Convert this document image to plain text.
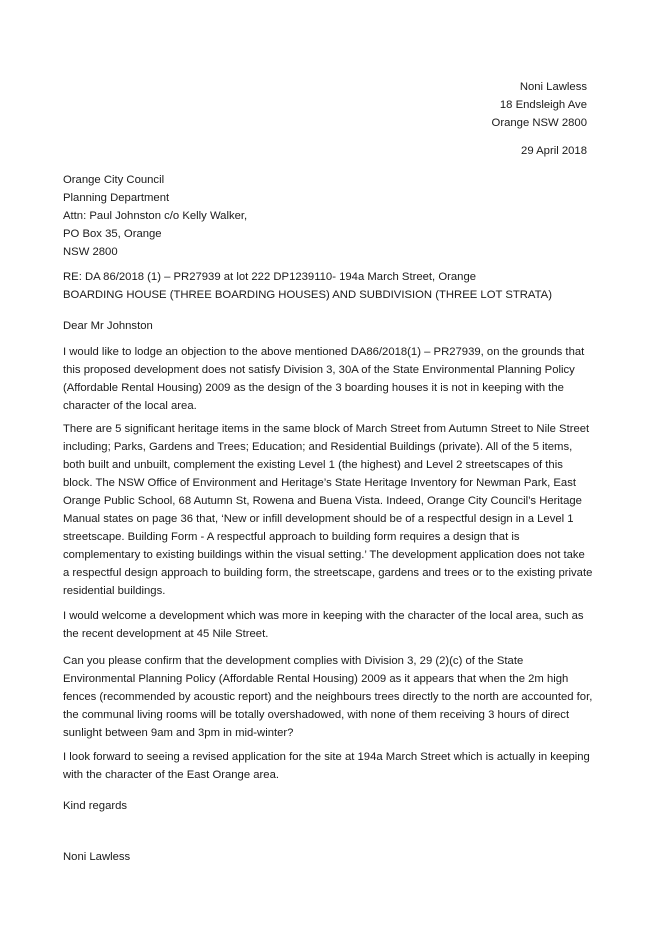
Noni Lawless
18 Endsleigh Ave
Orange NSW 2800
29 April 2018
Orange City Council
Planning Department
Attn: Paul Johnston c/o Kelly Walker,
PO Box 35, Orange
NSW 2800
RE: DA 86/2018 (1) – PR27939 at lot 222 DP1239110- 194a March Street, Orange
BOARDING HOUSE (THREE BOARDING HOUSES) AND SUBDIVISION (THREE LOT STRATA)
Dear Mr Johnston

I would like to lodge an objection to the above mentioned DA86/2018(1) – PR27939, on the grounds that this proposed development does not satisfy Division 3, 30A of the State Environmental Planning Policy (Affordable Rental Housing) 2009 as the design of the 3 boarding houses it is not in keeping with the character of the local area.

There are 5 significant heritage items in the same block of March Street from Autumn Street to Nile Street including; Parks, Gardens and Trees; Education; and Residential Buildings (private). All of the 5 items, both built and unbuilt, complement the existing Level 1 (the highest) and Level 2 streetscapes of this block. The NSW Office of Environment and Heritage’s State Heritage Inventory for Newman Park, East Orange Public School, 68 Autumn St, Rowena and Buena Vista. Indeed, Orange City Council’s Heritage Manual states on page 36 that, ‘New or infill development should be of a respectful design in a Level 1 streetscape. Building Form - A respectful approach to building form requires a design that is complementary to existing buildings within the visual setting.’ The development application does not take a respectful design approach to building form, the streetscape, gardens and trees or to the existing private residential buildings.

I would welcome a development which was more in keeping with the character of the local area, such as the recent development at 45 Nile Street.

Can you please confirm that the development complies with Division 3, 29 (2)(c) of the State Environmental Planning Policy (Affordable Rental Housing) 2009 as it appears that when the 2m high fences (recommended by acoustic report) and the neighbours trees directly to the north are accounted for, the communal living rooms will be totally overshadowed, with none of them receiving 3 hours of direct sunlight between 9am and 3pm in mid-winter?

I look forward to seeing a revised application for the site at 194a March Street which is actually in keeping with the character of the East Orange area.

Kind regards
Noni Lawless
